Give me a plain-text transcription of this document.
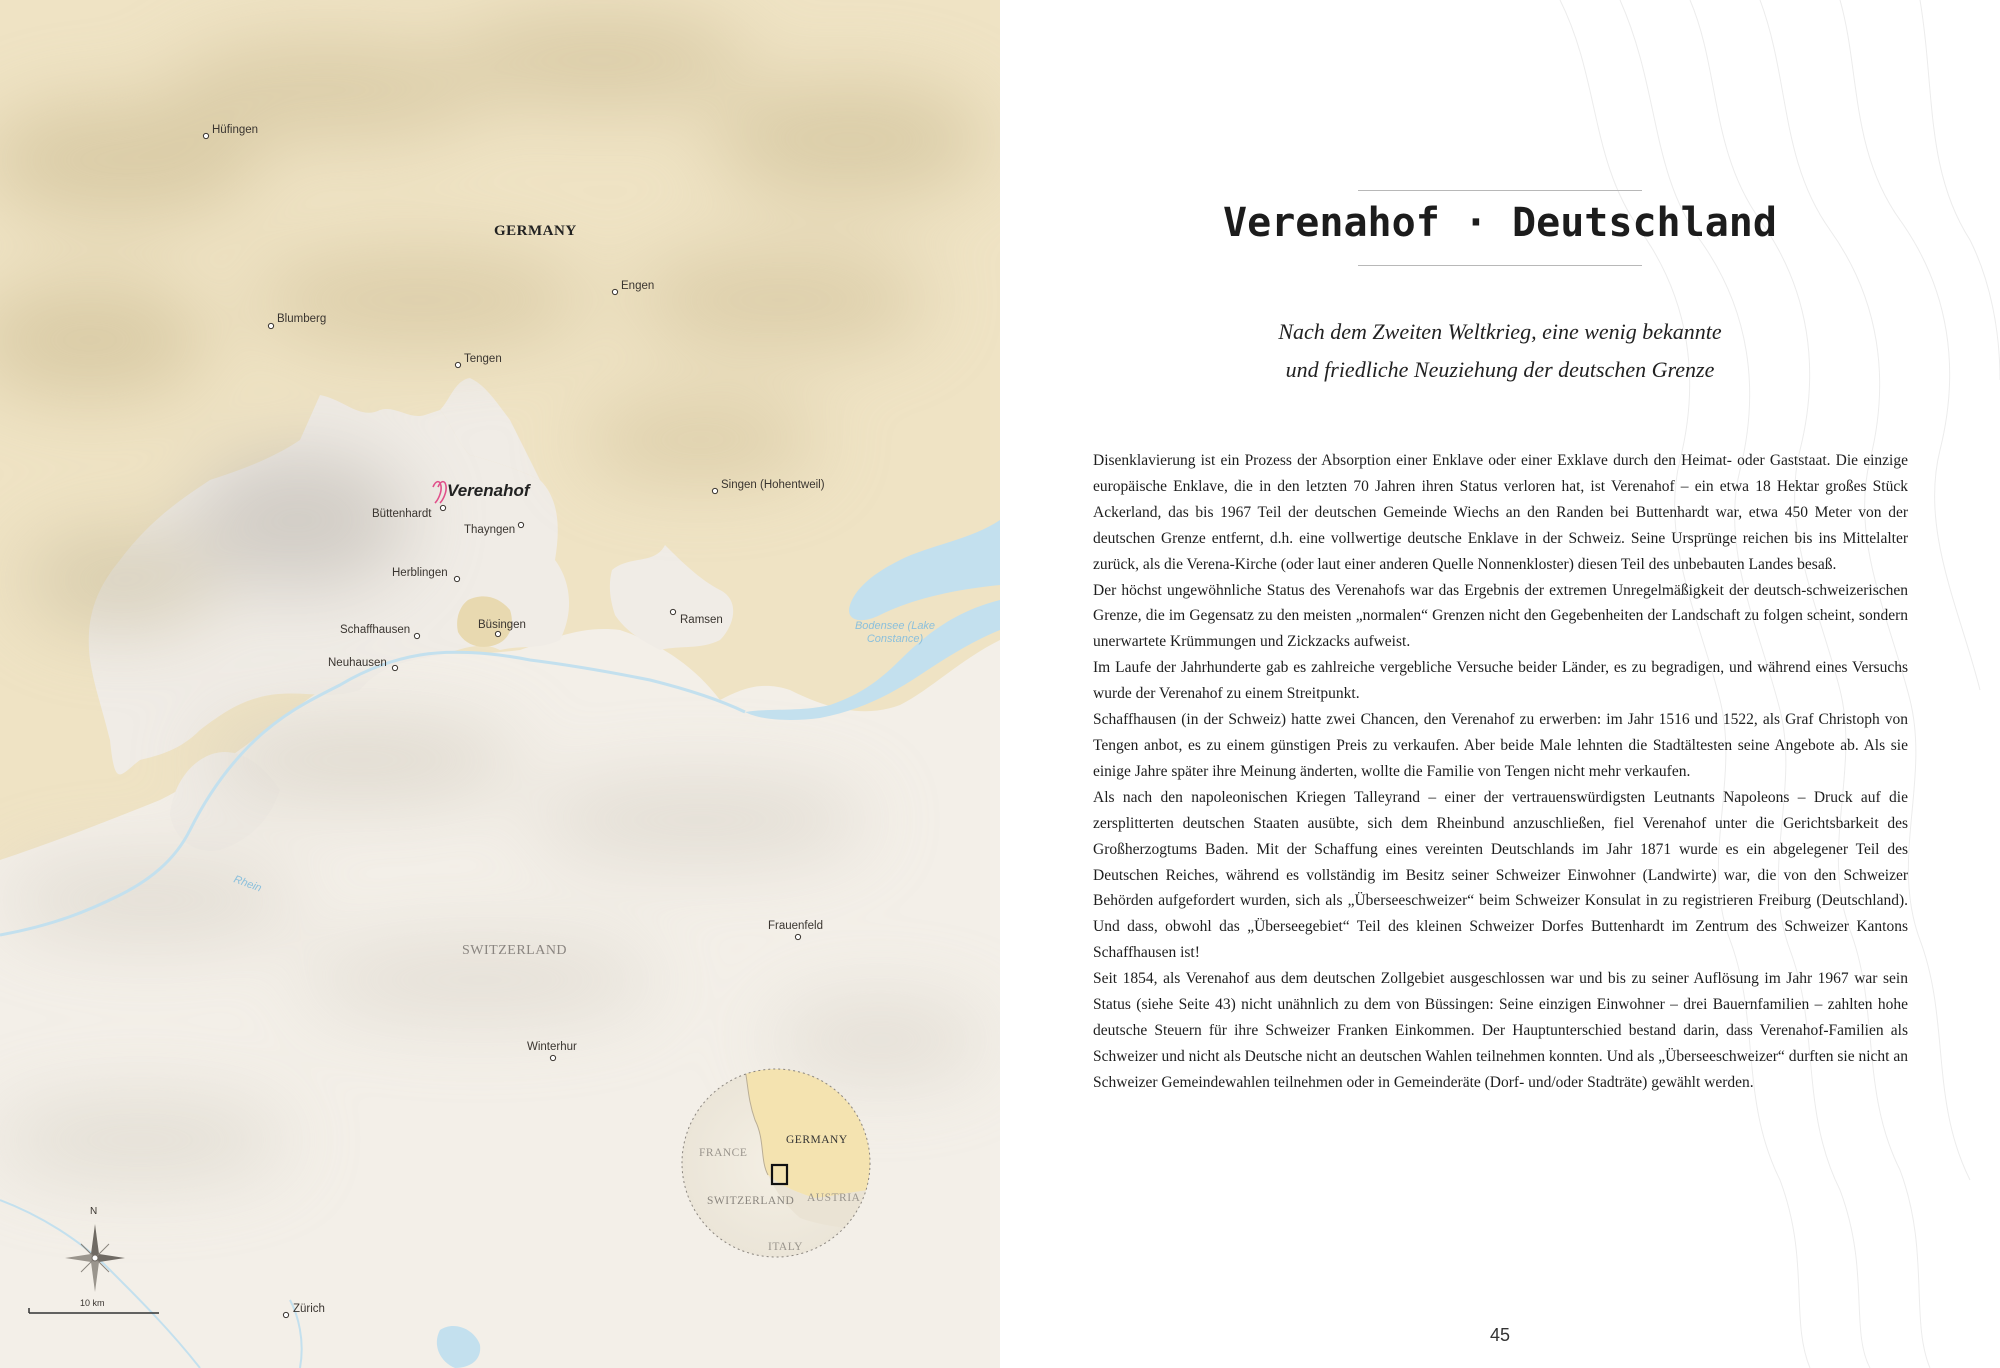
GERMANY
SWITZERLAND
Hüfingen
Engen
Blumberg
Tengen
Singen (Hohentweil)
Büttenhardt
Thayngen
Herblingen
Ramsen
Schaffhausen	Büsingen
Neuhausen
Frauenfeld
Winterhur
Zürich
Verenahof
Bodensee (Lake Constance)
Rhein
N
10 km
GERMANY
FRANCE
SWITZERLAND AUSTRIA
ITALY
Verenahof · Deutschland
Nach dem Zweiten Weltkrieg, eine wenig bekannte
und friedliche Neuziehung der deutschen Grenze

Disenklavierung ist ein Prozess der Absorption einer Enklave oder einer Exklave durch den Heimat- oder Gaststaat. Die einzige europäische Enklave, die in den letzten 70 Jahren ihren Status verloren hat, ist Verenahof – ein etwa 18 Hektar großes Stück Ackerland, das bis 1967 Teil der deutschen Gemeinde Wiechs an den Randen bei Buttenhardt war, etwa 450 Meter von der deutschen Grenze entfernt, d.h. eine vollwertige deutsche Enklave in der Schweiz. Seine Ursprünge reichen bis ins Mittelalter zurück, als die Verena-Kirche (oder laut einer anderen Quelle Nonnenkloster) diesen Teil des unbebauten Landes besaß.

Der höchst ungewöhnliche Status des Verenahofs war das Ergebnis der extremen Unregelmäßigkeit der deutsch-schweizerischen Grenze, die im Gegensatz zu den meisten „normalen“ Grenzen nicht den Gegebenheiten der Landschaft zu folgen scheint, sondern unerwartete Krümmungen und Zickzacks aufweist.

Im Laufe der Jahrhunderte gab es zahlreiche vergebliche Versuche beider Länder, es zu begradigen, und während eines Versuchs wurde der Verenahof zu einem Streitpunkt.

Schaffhausen (in der Schweiz) hatte zwei Chancen, den Verenahof zu erwerben: im Jahr 1516 und 1522, als Graf Christoph von Tengen anbot, es zu einem günstigen Preis zu verkaufen. Aber beide Male lehnten die Stadtältesten seine Angebote ab. Als sie einige Jahre später ihre Meinung änderten, wollte die Familie von Tengen nicht mehr verkaufen.

Als nach den napoleonischen Kriegen Talleyrand – einer der vertrauenswürdigsten Leutnants Napoleons – Druck auf die zersplitterten deutschen Staaten ausübte, sich dem Rheinbund anzuschließen, fiel Verenahof unter die Gerichtsbarkeit des Großherzogtums Baden. Mit der Schaffung eines vereinten Deutschlands im Jahr 1871 wurde es ein abgelegener Teil des Deutschen Reiches, während es vollständig im Besitz seiner Schweizer Einwohner (Landwirte) war, die von den Schweizer Behörden aufgefordert wurden, sich als „Überseeschweizer“ beim Schweizer Konsulat in zu registrieren Freiburg (Deutschland). Und dass, obwohl das „Überseegebiet“ Teil des kleinen Schweizer Dorfes Buttenhardt im Zentrum des Schweizer Kantons Schaffhausen ist!

Seit 1854, als Verenahof aus dem deutschen Zollgebiet ausgeschlossen war und bis zu seiner Auflösung im Jahr 1967 war sein Status (siehe Seite 43) nicht unähnlich zu dem von Büssingen: Seine einzigen Einwohner – drei Bauernfamilien – zahlten hohe deutsche Steuern für ihre Schweizer Franken Einkommen. Der Hauptunterschied bestand darin, dass Verenahof-Familien als Schweizer und nicht als Deutsche nicht an deutschen Wahlen teilnehmen konnten. Und als „Überseeschweizer“ durften sie nicht an Schweizer Gemeindewahlen teilnehmen oder in Gemeinderäte (Dorf- und/oder Stadträte) gewählt werden.

45
